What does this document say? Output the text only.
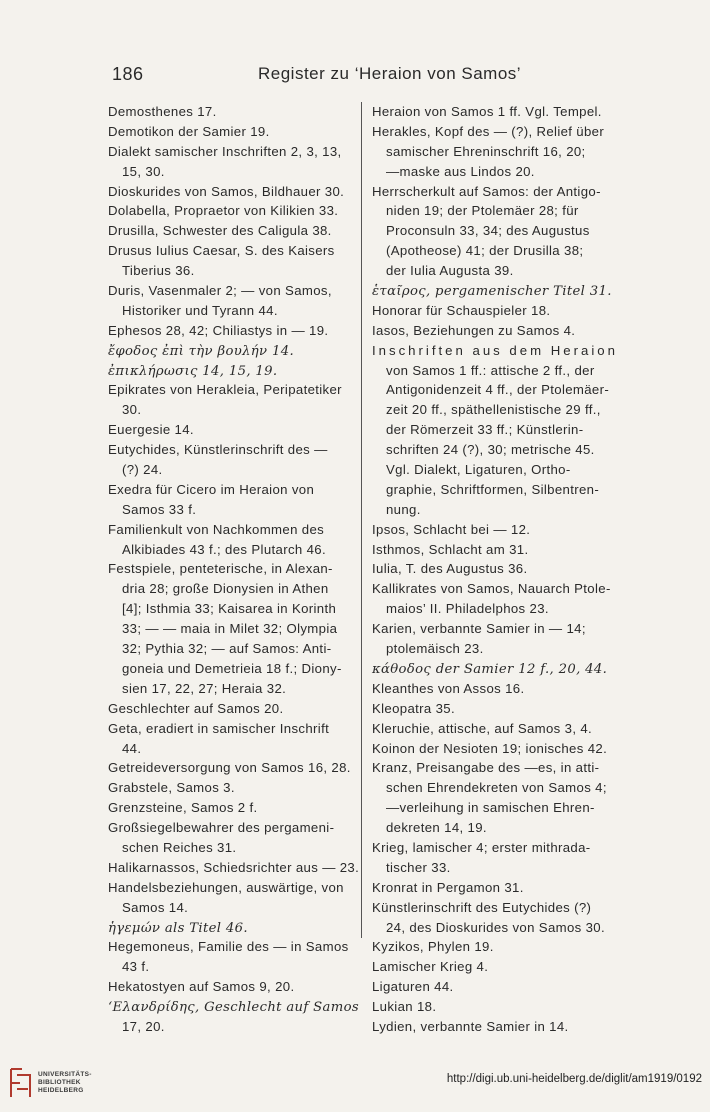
186	Register zu ‘Heraion von Samos’
Demosthenes 17.
Demotikon der Samier 19.
Dialekt samischer Inschriften 2, 3, 13,
15, 30.
Dioskurides von Samos, Bildhauer 30.
Dolabella, Propraetor von Kilikien 33.
Drusilla, Schwester des Caligula 38.
Drusus Iulius Caesar, S. des Kaisers
Tiberius 36.
Duris, Vasenmaler 2; — von Samos,
Historiker und Tyrann 44.
Ephesos 28, 42; Chiliastys in — 19.
ἔφοδος ἐπὶ τὴν βουλήν 14.
ἐπικλήρωσις 14, 15, 19.
Epikrates von Herakleia, Peripatetiker
30.
Euergesie 14.
Eutychides, Künstlerinschrift des —
(?) 24.
Exedra für Cicero im Heraion von
Samos 33 f.
Familienkult von Nachkommen des
Alkibiades 43 f.; des Plutarch 46.
Festspiele, penteterische, in Alexan-
dria 28; große Dionysien in Athen
[4]; Isthmia 33; Kaisarea in Korinth
33; — — maia in Milet 32; Olympia
32; Pythia 32; — auf Samos: Anti-
goneia und Demetrieia 18 f.; Diony-
sien 17, 22, 27; Heraia 32.
Geschlechter auf Samos 20.
Geta, eradiert in samischer Inschrift
44.
Getreideversorgung von Samos 16, 28.
Grabstele, Samos 3.
Grenzsteine, Samos 2 f.
Großsiegelbewahrer des pergameni-
schen Reiches 31.
Halikarnassos, Schiedsrichter aus — 23.
Handelsbeziehungen, auswärtige, von
Samos 14.
ἡγεμών als Titel 46.
Hegemoneus, Familie des — in Samos
43 f.
Hekatostyen auf Samos 9, 20.
‘Ελανδρίδης, Geschlecht auf Samos
17, 20.
Heraion von Samos 1 ff. Vgl. Tempel.
Herakles, Kopf des — (?), Relief über
samischer Ehreninschrift 16, 20;
—maske aus Lindos 20.
Herrscherkult auf Samos: der Antigo-
niden 19; der Ptolemäer 28; für
Proconsuln 33, 34; des Augustus
(Apotheose) 41; der Drusilla 38;
der Iulia Augusta 39.
ἑταῖρος, pergamenischer Titel 31.
Honorar für Schauspieler 18.
Iasos, Beziehungen zu Samos 4.
Inschriften aus dem Heraion
von Samos 1 ff.: attische 2 ff., der
Antigonidenzeit 4 ff., der Ptolemäer-
zeit 20 ff., späthellenistische 29 ff.,
der Römerzeit 33 ff.; Künstlerin-
schriften 24 (?), 30; metrische 45.
Vgl. Dialekt, Ligaturen, Ortho-
graphie, Schriftformen, Silbentren-
nung.
Ipsos, Schlacht bei — 12.
Isthmos, Schlacht am 31.
Iulia, T. des Augustus 36.
Kallikrates von Samos, Nauarch Ptole-
maios’ II. Philadelphos 23.
Karien, verbannte Samier in — 14;
ptolemäisch 23.
κάθοδος der Samier 12 f., 20, 44.
Kleanthes von Assos 16.
Kleopatra 35.
Kleruchie, attische, auf Samos 3, 4.
Koinon der Nesioten 19; ionisches 42.
Kranz, Preisangabe des —es, in atti-
schen Ehrendekreten von Samos 4;
—verleihung in samischen Ehren-
dekreten 14, 19.
Krieg, lamischer 4; erster mithrada-
tischer 33.
Kronrat in Pergamon 31.
Künstlerinschrift des Eutychides (?)
24, des Dioskurides von Samos 30.
Kyzikos, Phylen 19.
Lamischer Krieg 4.
Ligaturen 44.
Lukian 18.
Lydien, verbannte Samier in 14.
UNIVERSITÄTS-
BIBLIOTHEK
HEIDELBERG
http://digi.ub.uni-heidelberg.de/diglit/am1919/0192
